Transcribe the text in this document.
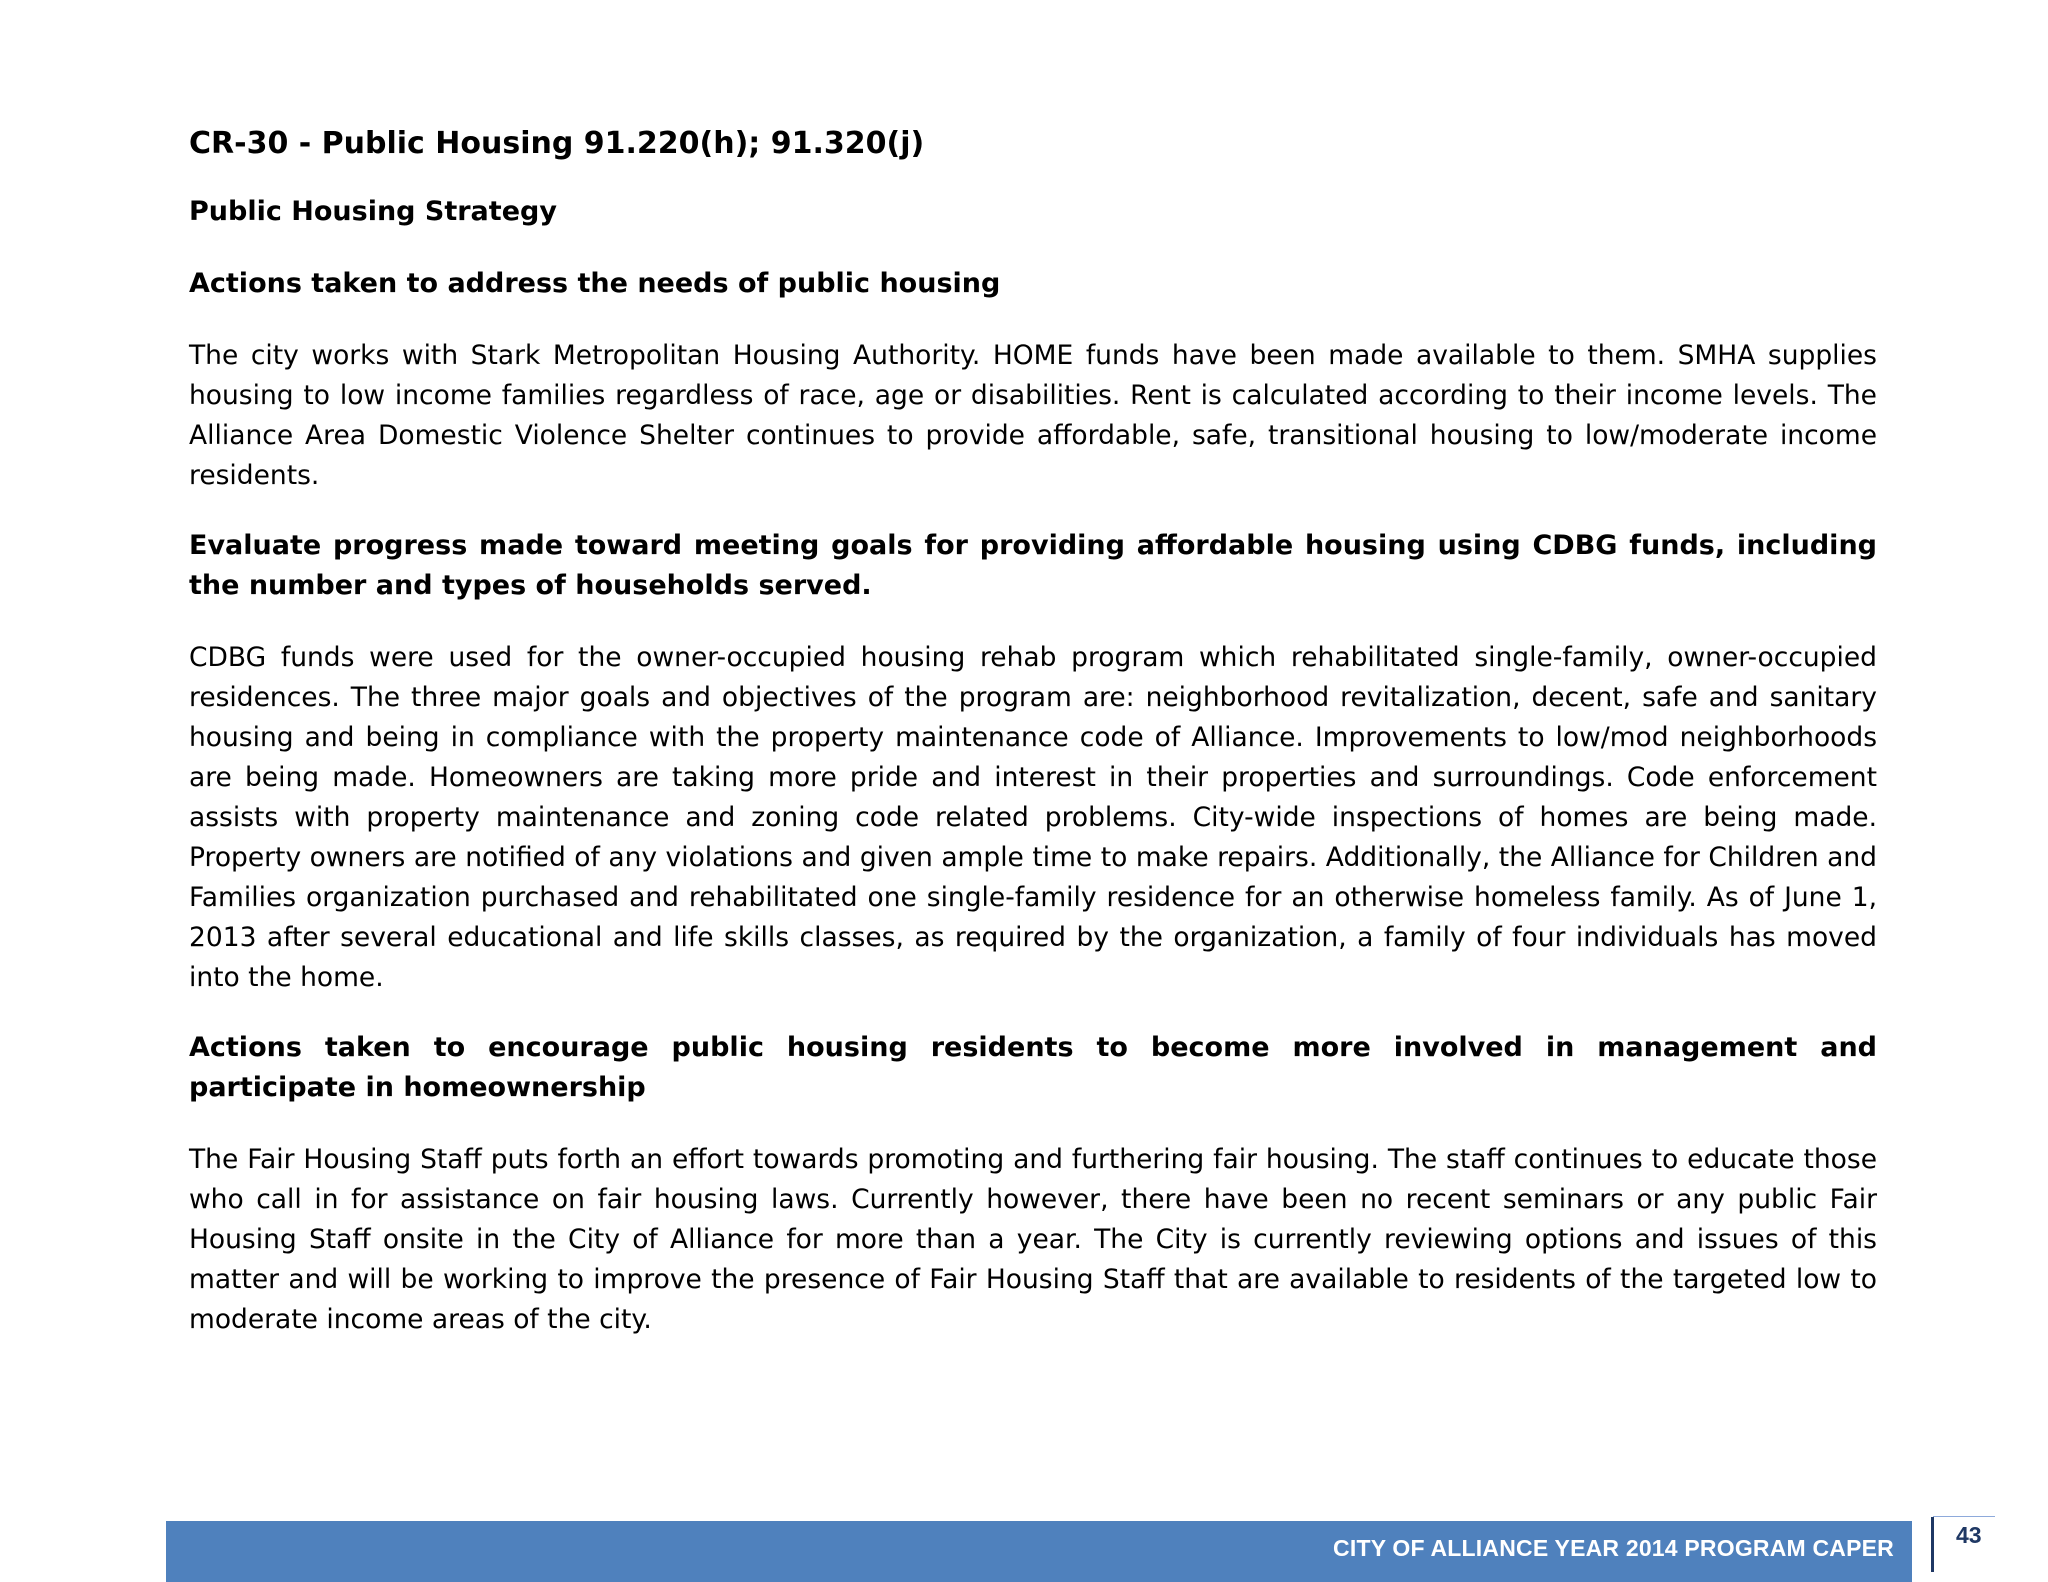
CR-30 - Public Housing 91.220(h); 91.320(j)
Public Housing Strategy
Actions taken to address the needs of public housing
The city works with Stark Metropolitan Housing Authority. HOME funds have been made available to them. SMHA supplies housing to low income families regardless of race, age or disabilities. Rent is calculated according to their income levels. The Alliance Area Domestic Violence Shelter continues to provide affordable, safe, transitional housing to low/moderate income residents.
Evaluate progress made toward meeting goals for providing affordable housing using CDBG funds, including the number and types of households served.
CDBG funds were used for the owner-occupied housing rehab program which rehabilitated single-family, owner-occupied residences. The three major goals and objectives of the program are: neighborhood revitalization, decent, safe and sanitary housing and being in compliance with the property maintenance code of Alliance. Improvements to low/mod neighborhoods are being made. Homeowners are taking more pride and interest in their properties and surroundings. Code enforcement assists with property maintenance and zoning code related problems. City-wide inspections of homes are being made. Property owners are notified of any violations and given ample time to make repairs. Additionally, the Alliance for Children and Families organization purchased and rehabilitated one single-family residence for an otherwise homeless family. As of June 1, 2013 after several educational and life skills classes, as required by the organization, a family of four individuals has moved into the home.
Actions taken to encourage public housing residents to become more involved in management and participate in homeownership
The Fair Housing Staff puts forth an effort towards promoting and furthering fair housing. The staff continues to educate those who call in for assistance on fair housing laws. Currently however, there have been no recent seminars or any public Fair Housing Staff onsite in the City of Alliance for more than a year. The City is currently reviewing options and issues of this matter and will be working to improve the presence of Fair Housing Staff that are available to residents of the targeted low to moderate income areas of the city.
CITY OF ALLIANCE YEAR 2014 PROGRAM CAPER	43
